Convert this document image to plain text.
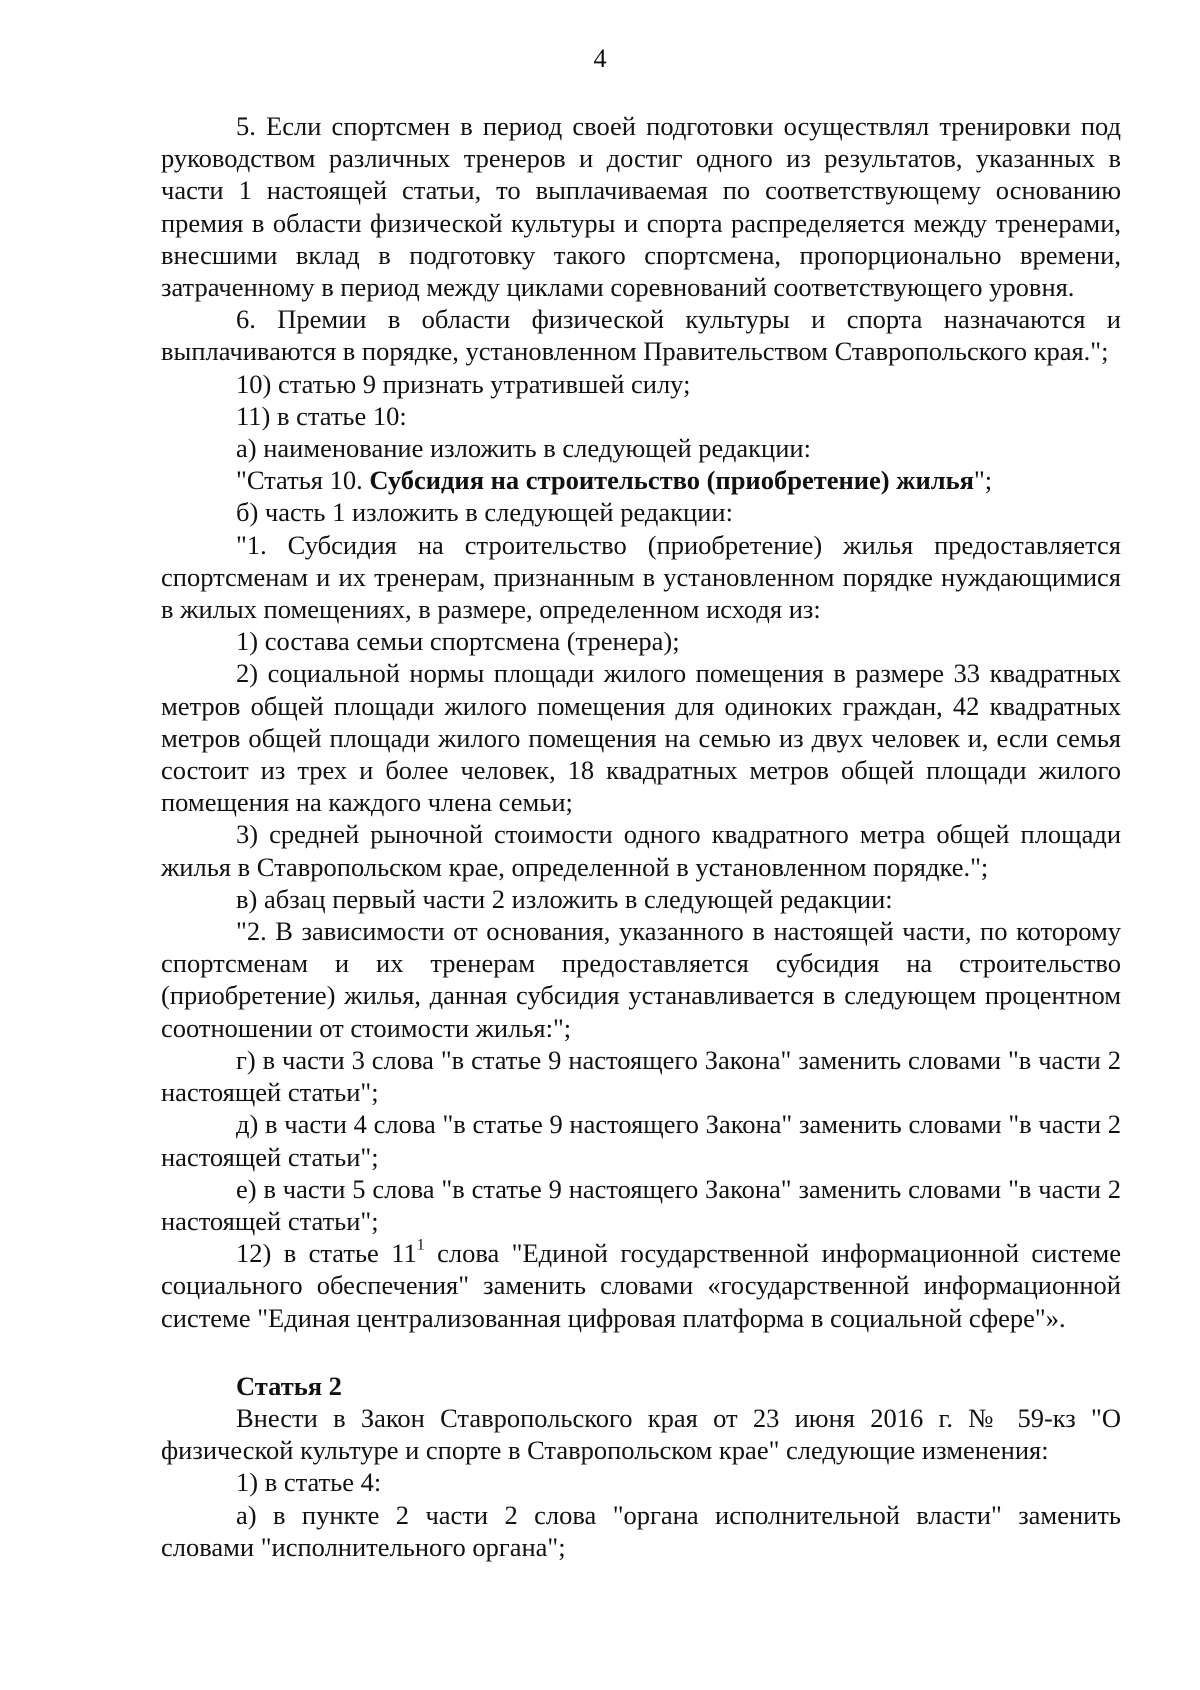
4

5. Если спортсмен в период своей подготовки осуществлял тренировки под руководством различных тренеров и достиг одного из результатов, указанных в части 1 настоящей статьи, то выплачиваемая по соответствующему основанию премия в области физической культуры и спорта распределяется между тренерами, внесшими вклад в подготовку такого спортсмена, пропорционально времени, затраченному в период между циклами соревнований соответствующего уровня.

6. Премии в области физической культуры и спорта назначаются и выплачиваются в порядке, установленном Правительством Ставропольского края.";

10) статью 9 признать утратившей силу;

11) в статье 10:

а) наименование изложить в следующей редакции:

"Статья 10. Субсидия на строительство (приобретение) жилья";

б) часть 1 изложить в следующей редакции:

"1. Субсидия на строительство (приобретение) жилья предоставляется спортсменам и их тренерам, признанным в установленном порядке нуждающимися в жилых помещениях, в размере, определенном исходя из:

1) состава семьи спортсмена (тренера);

2) социальной нормы площади жилого помещения в размере 33 квадратных метров общей площади жилого помещения для одиноких граждан, 42 квадратных метров общей площади жилого помещения на семью из двух человек и, если семья состоит из трех и более человек, 18 квадратных метров общей площади жилого помещения на каждого члена семьи;

3) средней рыночной стоимости одного квадратного метра общей площади жилья в Ставропольском крае, определенной в установленном порядке.";

в) абзац первый части 2 изложить в следующей редакции:

"2. В зависимости от основания, указанного в настоящей части, по которому спортсменам и их тренерам предоставляется субсидия на строительство (приобретение) жилья, данная субсидия устанавливается в следующем процентном соотношении от стоимости жилья:";

г) в части 3 слова "в статье 9 настоящего Закона" заменить словами "в части 2 настоящей статьи";

д) в части 4 слова "в статье 9 настоящего Закона" заменить словами "в части 2 настоящей статьи";

е) в части 5 слова "в статье 9 настоящего Закона" заменить словами "в части 2 настоящей статьи";

12) в статье $11^1$ слова "Единой государственной информационной системе социального обеспечения" заменить словами «государственной информационной системе "Единая централизованная цифровая платформа в социальной сфере"».

Статья 2

Внести в Закон Ставропольского края от 23 июня 2016 г. № 59-кз "О физической культуре и спорте в Ставропольском крае" следующие изменения:

1) в статье 4:

а) в пункте 2 части 2 слова "органа исполнительной власти" заменить словами "исполнительного органа";
